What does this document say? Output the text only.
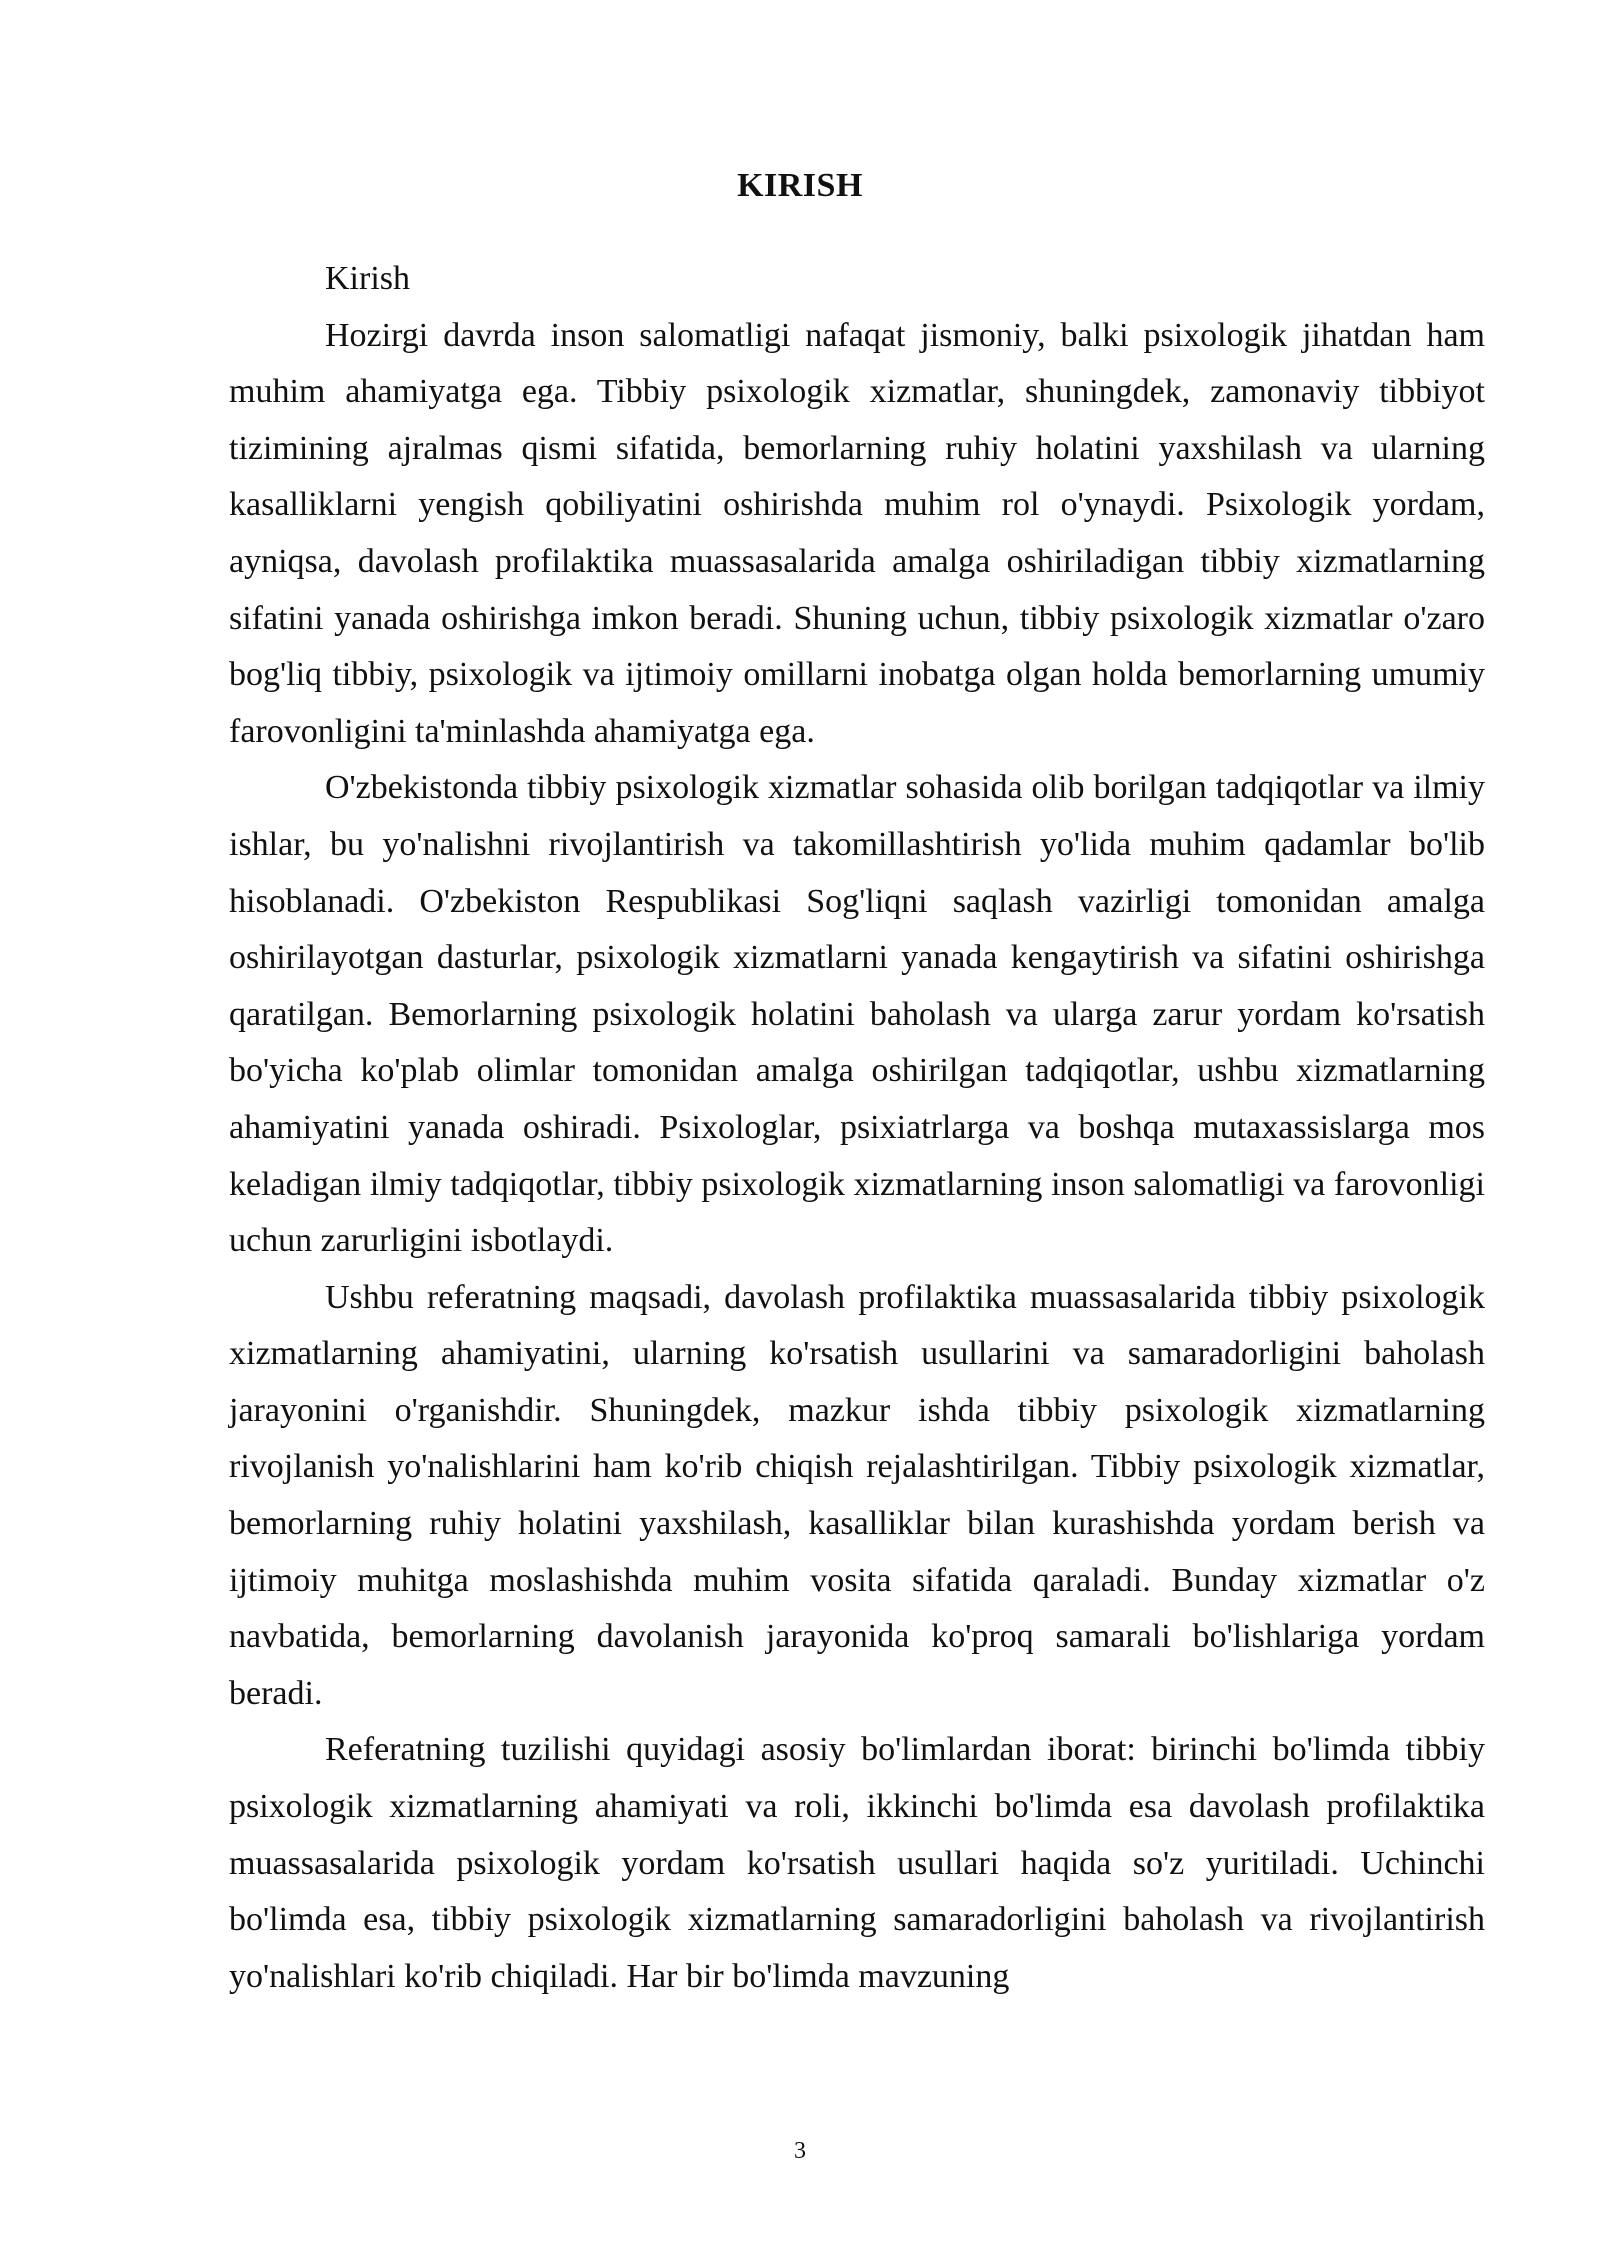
KIRISH

Kirish

Hozirgi davrda inson salomatligi nafaqat jismoniy, balki psixologik jihatdan ham muhim ahamiyatga ega. Tibbiy psixologik xizmatlar, shuningdek, zamonaviy tibbiyot tizimining ajralmas qismi sifatida, bemorlarning ruhiy holatini yaxshilash va ularning kasalliklarni yengish qobiliyatini oshirishda muhim rol o'ynaydi. Psixologik yordam, ayniqsa, davolash profilaktika muassasalarida amalga oshiriladigan tibbiy xizmatlarning sifatini yanada oshirishga imkon beradi. Shuning uchun, tibbiy psixologik xizmatlar o'zaro bog'liq tibbiy, psixologik va ijtimoiy omillarni inobatga olgan holda bemorlarning umumiy farovonligini ta'minlashda ahamiyatga ega.

O'zbekistonda tibbiy psixologik xizmatlar sohasida olib borilgan tadqiqotlar va ilmiy ishlar, bu yo'nalishni rivojlantirish va takomillashtirish yo'lida muhim qadamlar bo'lib hisoblanadi. O'zbekiston Respublikasi Sog'liqni saqlash vazirligi tomonidan amalga oshirilayotgan dasturlar, psixologik xizmatlarni yanada kengaytirish va sifatini oshirishga qaratilgan. Bemorlarning psixologik holatini baholash va ularga zarur yordam ko'rsatish bo'yicha ko'plab olimlar tomonidan amalga oshirilgan tadqiqotlar, ushbu xizmatlarning ahamiyatini yanada oshiradi. Psixologlar, psixiatrlarga va boshqa mutaxassislarga mos keladigan ilmiy tadqiqotlar, tibbiy psixologik xizmatlarning inson salomatligi va farovonligi uchun zarurligini isbotlaydi.

Ushbu referatning maqsadi, davolash profilaktika muassasalarida tibbiy psixologik xizmatlarning ahamiyatini, ularning ko'rsatish usullarini va samaradorligini baholash jarayonini o'rganishdir. Shuningdek, mazkur ishda tibbiy psixologik xizmatlarning rivojlanish yo'nalishlarini ham ko'rib chiqish rejalashtirilgan. Tibbiy psixologik xizmatlar, bemorlarning ruhiy holatini yaxshilash, kasalliklar bilan kurashishda yordam berish va ijtimoiy muhitga moslashishda muhim vosita sifatida qaraladi. Bunday xizmatlar o'z navbatida, bemorlarning davolanish jarayonida ko'proq samarali bo'lishlariga yordam beradi.

Referatning tuzilishi quyidagi asosiy bo'limlardan iborat: birinchi bo'limda tibbiy psixologik xizmatlarning ahamiyati va roli, ikkinchi bo'limda esa davolash profilaktika muassasalarida psixologik yordam ko'rsatish usullari haqida so'z yuritiladi. Uchinchi bo'limda esa, tibbiy psixologik xizmatlarning samaradorligini baholash va rivojlantirish yo'nalishlari ko'rib chiqiladi. Har bir bo'limda mavzuning

3
